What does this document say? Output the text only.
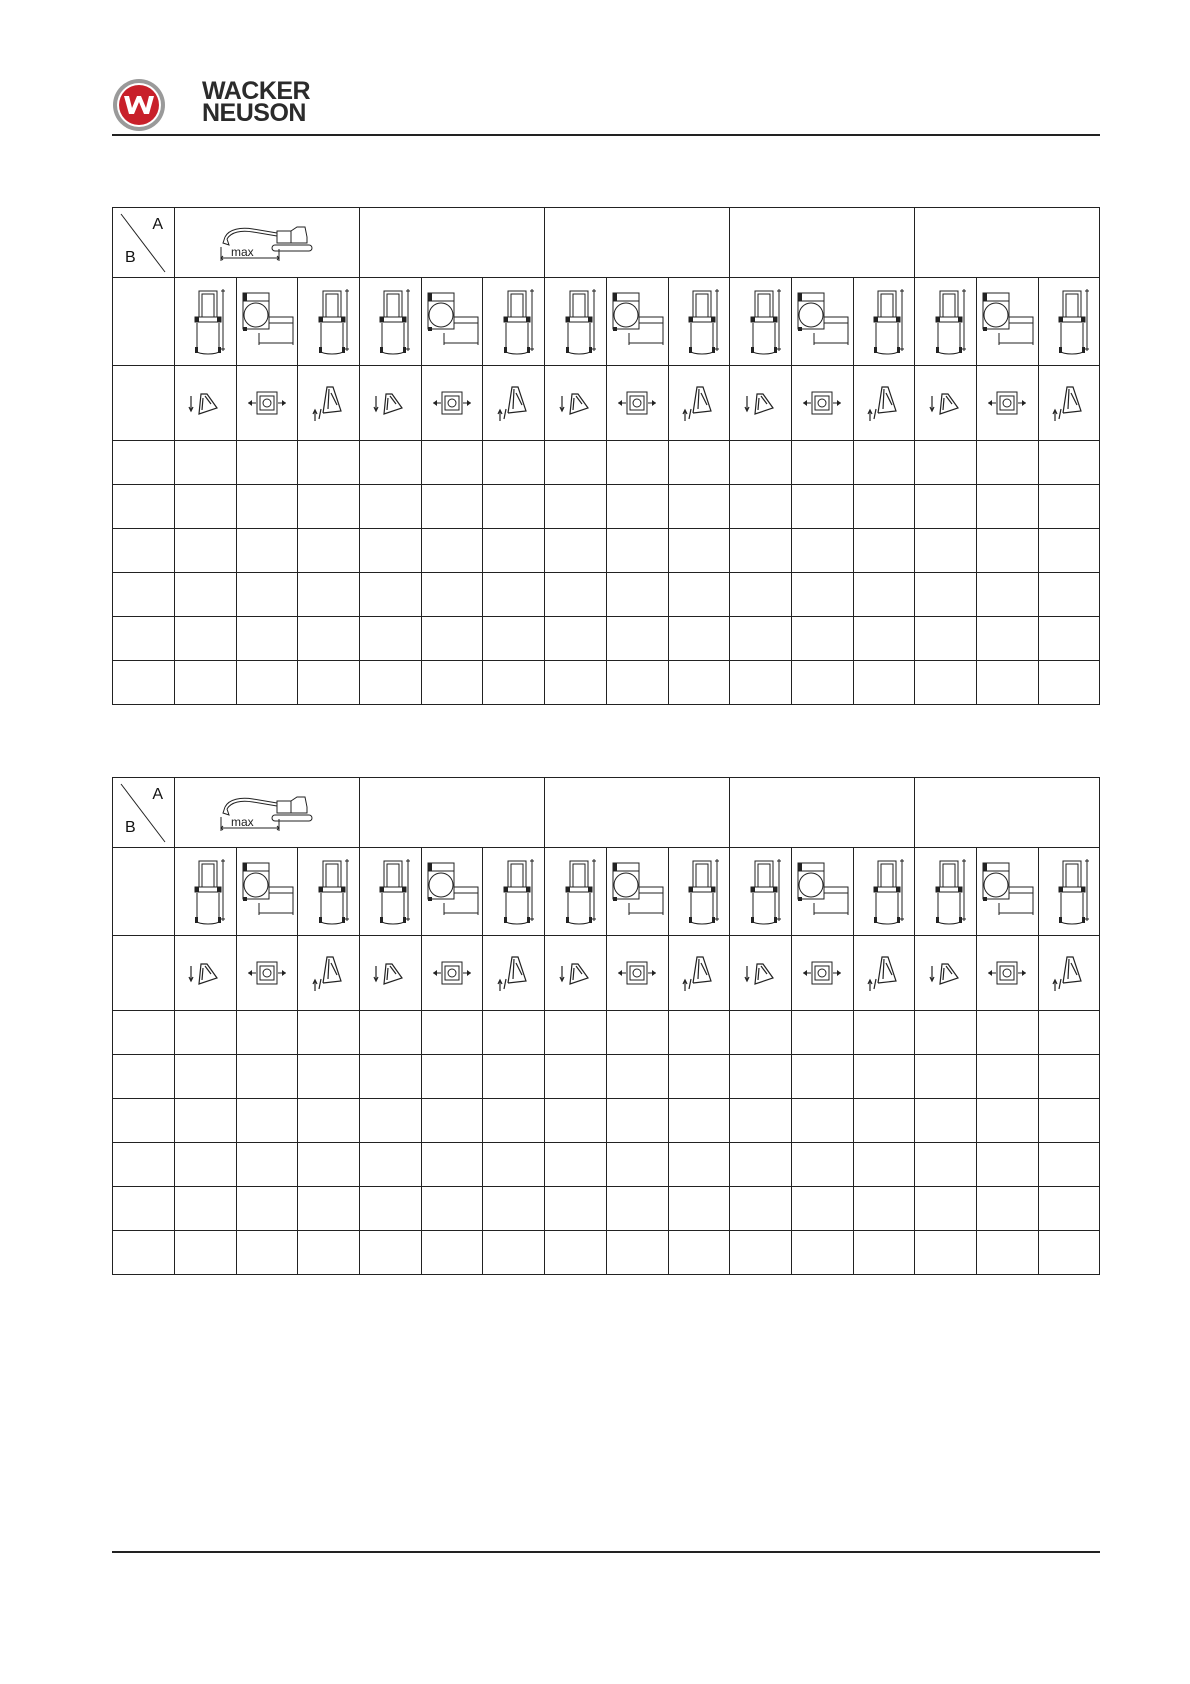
WACKER
NEUSON
A
B	max														

A
B	max														
